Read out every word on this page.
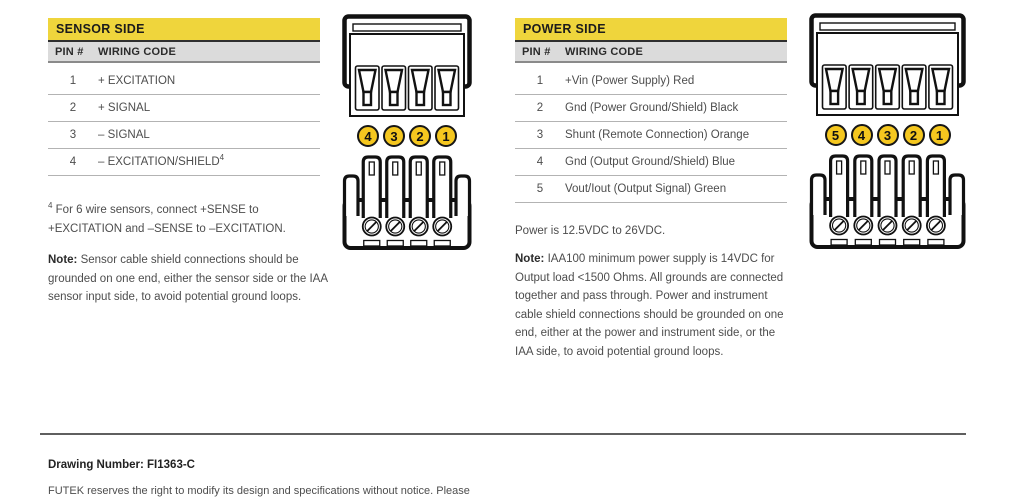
SENSOR SIDE
PIN #	WIRING CODE
1	+ EXCITATION
2	+ SIGNAL
3	– SIGNAL
4	– EXCITATION/SHIELD$^4$
$^4$ For 6 wire sensors, connect +SENSE to +EXCITATION and –SENSE to –EXCITATION.
Note: Sensor cable shield connections should be grounded on one end, either the sensor side or the IAA sensor input side, to avoid potential ground loops.
4	3	2	1
POWER SIDE
PIN #	WIRING CODE
1	+Vin (Power Supply) Red
2	Gnd (Power Ground/Shield) Black
3	Shunt (Remote Connection) Orange
4	Gnd (Output Ground/Shield) Blue
5	Vout/Iout (Output Signal) Green
Power is 12.5VDC to 26VDC.
Note: IAA100 minimum power supply is 14VDC for Output load <1500 Ohms. All grounds are connected together and pass through. Power and instrument cable shield connections should be grounded on one end, either at the power and instrument side, or the IAA side, to avoid potential ground loops.
5	4	3	2	1
Drawing Number: FI1363-C
FUTEK reserves the right to modify its design and specifications without notice. Please
